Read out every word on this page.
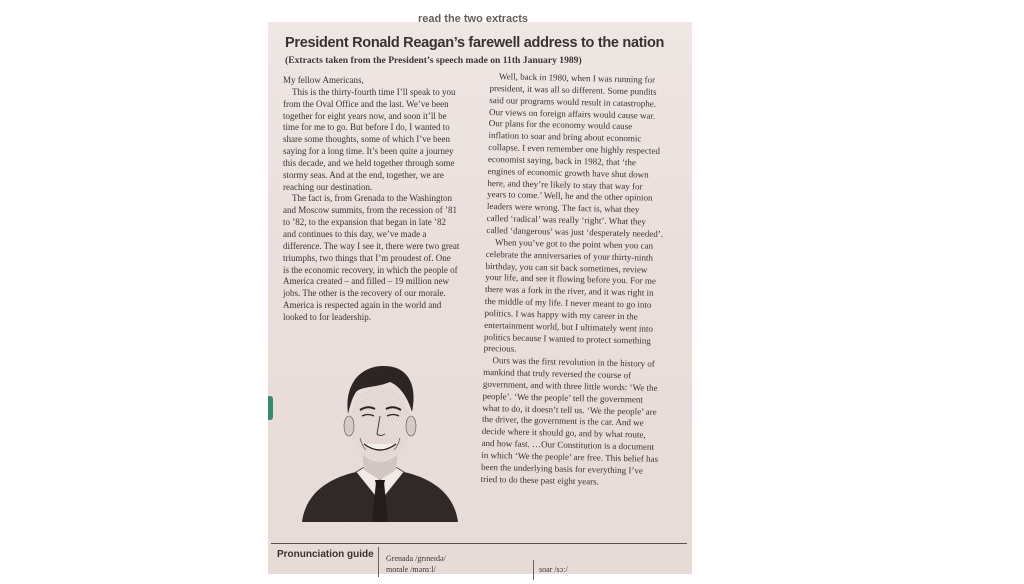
read the two extracts
President Ronald Reagan’s farewell address to the nation
(Extracts taken from the President’s speech made on 11th January 1989)

My fellow Americans,

This is the thirty-fourth time I’ll speak to you

from the Oval Office and the last. We’ve been

together for eight years now, and soon it’ll be

time for me to go. But before I do, I wanted to

share some thoughts, some of which I’ve been

saying for a long time. It’s been quite a journey

this decade, and we held together through some

stormy seas. And at the end, together, we are

reaching our destination.

The fact is, from Grenada to the Washington

and Moscow summits, from the recession of ’81

to ’82, to the expansion that began in late ’82

and continues to this day, we’ve made a

difference. The way I see it, there were two great

triumphs, two things that I’m proudest of. One

is the economic recovery, in which the people of

America created – and filled – 19 million new

jobs. The other is the recovery of our morale.

America is respected again in the world and

looked to for leadership.

Well, back in 1980, when I was running for

president, it was all so different. Some pundits

said our programs would result in catastrophe.

Our views on foreign affairs would cause war.

Our plans for the economy would cause

inflation to soar and bring about economic

collapse. I even remember one highly respected

economist saying, back in 1982, that ‘the

engines of economic growth have shut down

here, and they’re likely to stay that way for

years to come.’ Well, he and the other opinion

leaders were wrong. The fact is, what they

called ‘radical’ was really ‘right’. What they

called ‘dangerous’ was just ‘desperately needed’.

When you’ve got to the point when you can

celebrate the anniversaries of your thirty-ninth

birthday, you can sit back sometimes, review

your life, and see it flowing before you. For me

there was a fork in the river, and it was right in

the middle of my life. I never meant to go into

politics. I was happy with my career in the

entertainment world, but I ultimately went into

politics because I wanted to protect something

precious.

Ours was the first revolution in the history of

mankind that truly reversed the course of

government, and with three little words: ‘We the

people’. ‘We the people’ tell the government

what to do, it doesn’t tell us. ‘We the people’ are

the driver, the government is the car. And we

decide where it should go, and by what route,

and how fast. …Our Constitution is a document

in which ‘We the people’ are free. This belief has

been the underlying basis for everything I’ve

tried to do these past eight years.

Pronunciation guide Grenada /grɪneɪdə/
morale /mərɑːl/	soar /sɔː/
